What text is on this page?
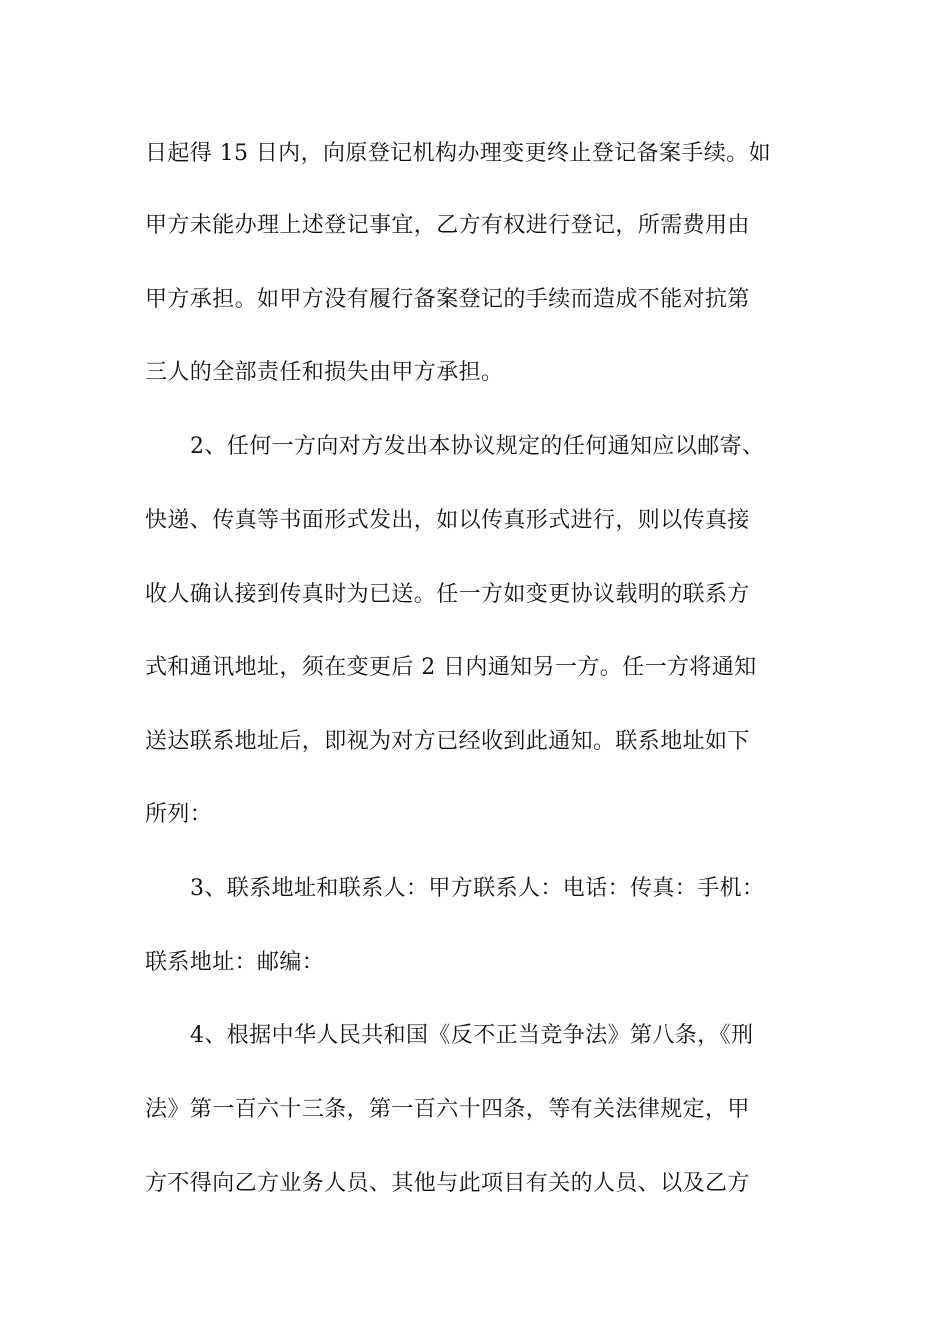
日起得 15 日内，向原登记机构办理变更终止登记备案手续。如
甲方未能办理上述登记事宜，乙方有权进行登记，所需费用由
甲方承担。如甲方没有履行备案登记的手续而造成不能对抗第
三人的全部责任和损失由甲方承担。
2、任何一方向对方发出本协议规定的任何通知应以邮寄、
快递、传真等书面形式发出，如以传真形式进行，则以传真接
收人确认接到传真时为已送。任一方如变更协议载明的联系方
式和通讯地址，须在变更后 2 日内通知另一方。任一方将通知
送达联系地址后，即视为对方已经收到此通知。联系地址如下
所列：
3、联系地址和联系人：甲方联系人：电话：传真：手机：
联系地址：邮编：
4、根据中华人民共和国《反不正当竞争法》第八条，《刑
法》第一百六十三条，第一百六十四条，等有关法律规定，甲
方不得向乙方业务人员、其他与此项目有关的人员、以及乙方
